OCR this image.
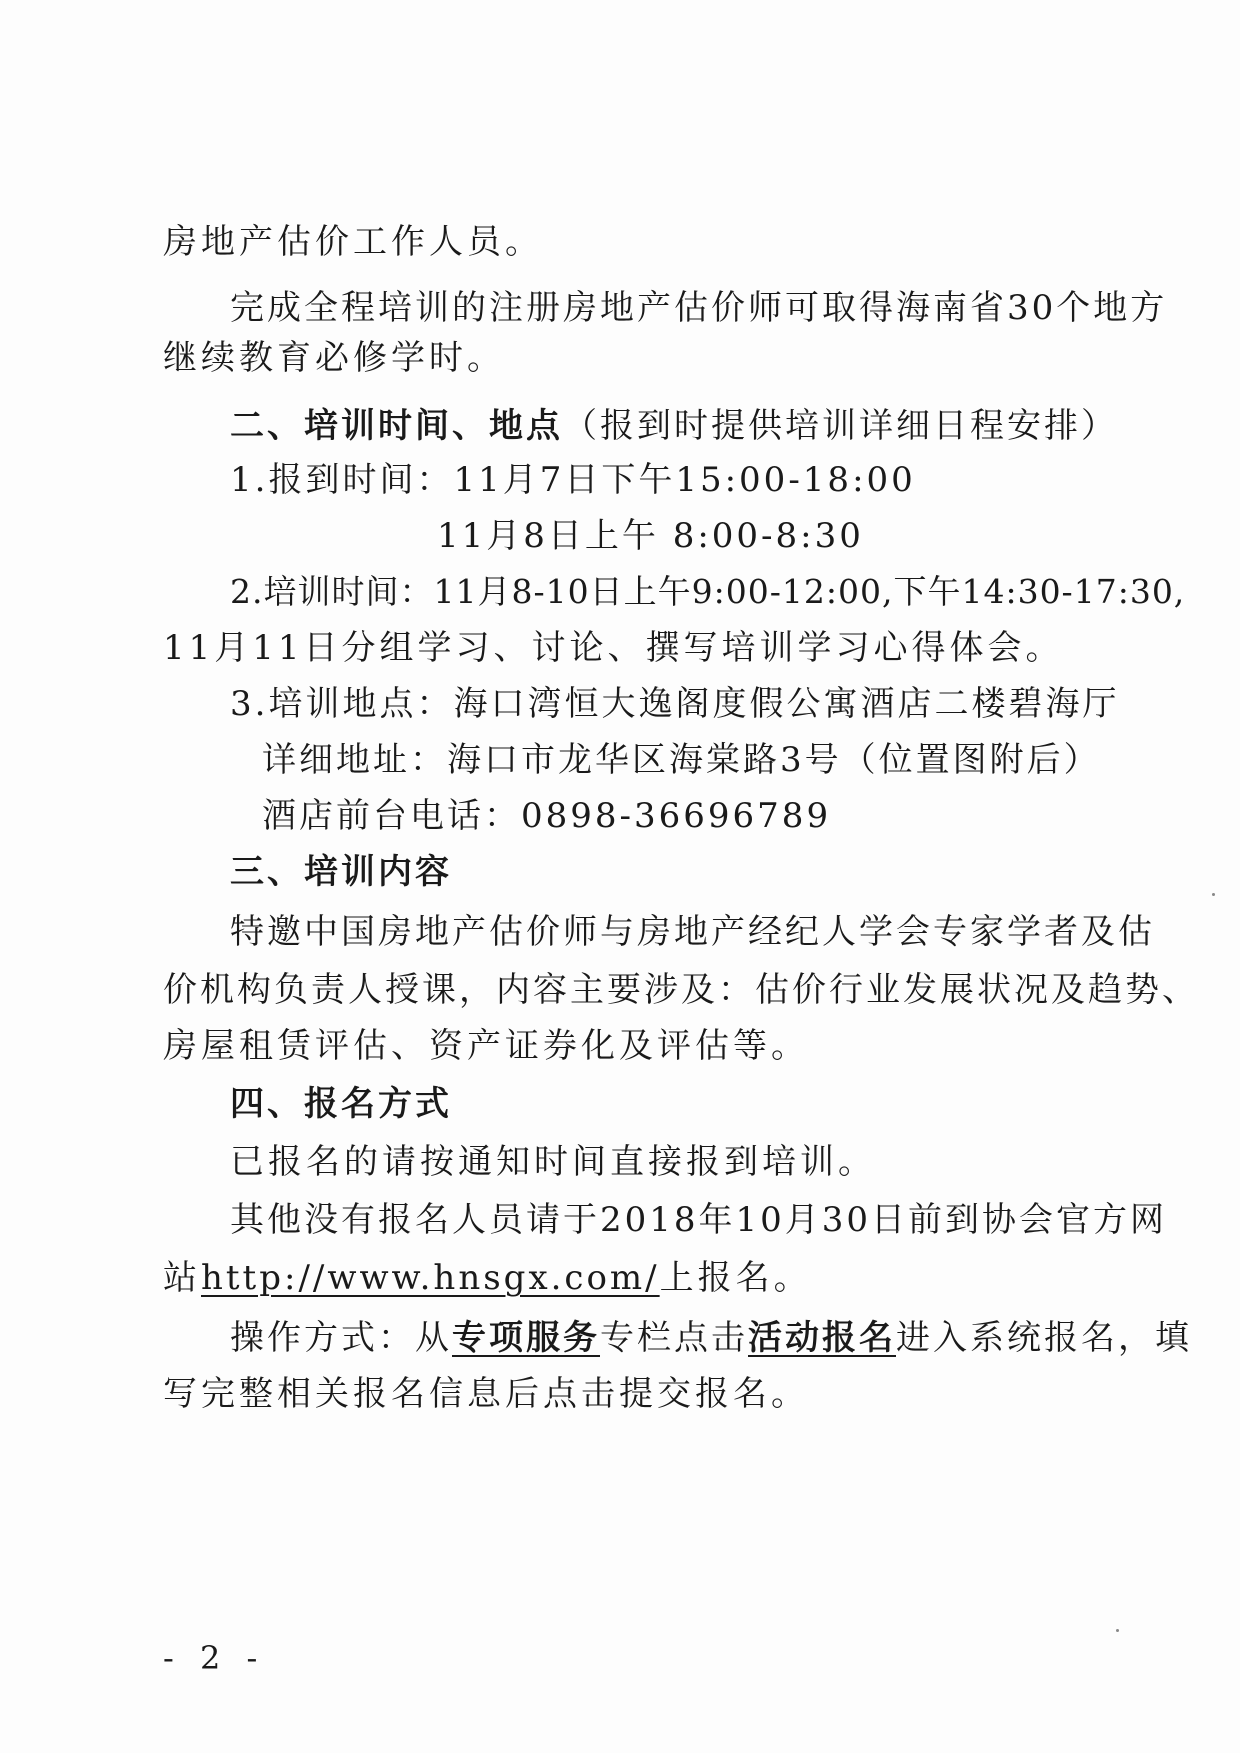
房地产估价工作人员。
完成全程培训的注册房地产估价师可取得海南省30个地方
继续教育必修学时。
二、培训时间、地点（报到时提供培训详细日程安排）
1.报到时间：11月7日下午15:00-18:00
11月8日上午 8:00-8:30
2.培训时间：11月8-10日上午9:00-12:00,下午14:30-17:30,
11月11日分组学习、讨论、撰写培训学习心得体会。
3.培训地点：海口湾恒大逸阁度假公寓酒店二楼碧海厅
详细地址：海口市龙华区海棠路3号（位置图附后）
酒店前台电话：0898-36696789
三、培训内容
特邀中国房地产估价师与房地产经纪人学会专家学者及估
价机构负责人授课，内容主要涉及：估价行业发展状况及趋势、
房屋租赁评估、资产证券化及评估等。
四、报名方式
已报名的请按通知时间直接报到培训。
其他没有报名人员请于2018年10月30日前到协会官方网
站http://www.hnsgx.com/上报名。
操作方式：从专项服务专栏点击活动报名进入系统报名，填
写完整相关报名信息后点击提交报名。
- 2 -
